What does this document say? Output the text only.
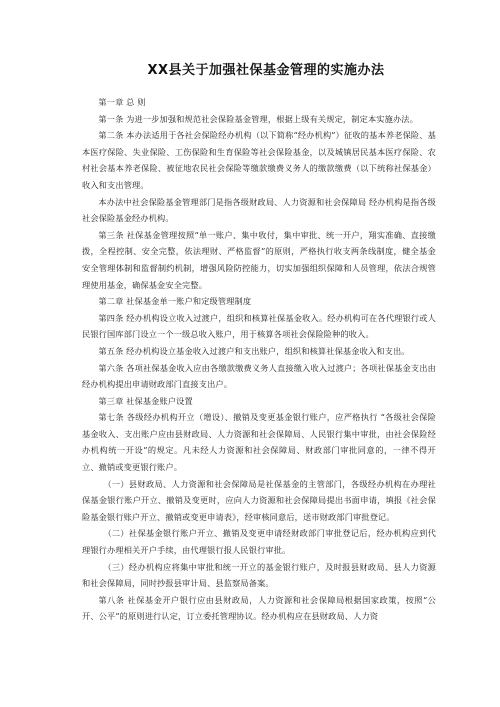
XX县关于加强社保基金管理的实施办法

第一章 总 则

第一条 为进一步加强和规范社会保险基金管理，根据上级有关规定，制定本实施办法。

第二条 本办法适用于各社会保险经办机构（以下简称“经办机构”）征收的基本养老保险、基本医疗保险、失业保险、工伤保险和生育保险等社会保险基金，以及城镇居民基本医疗保险、农村社会基本养老保险、被征地农民社会保险等缴款缴费义务人的缴款缴费（以下统称社保基金）收入和支出管理。

本办法中社会保险基金管理部门是指各级财政局、人力资源和社会保障局 经办机构是指各级社会保险基金经办机构。

第三条 社保基金管理按照“单一账户、集中收付，集中审批、统一开户，翔实准确、直接缴拨，全程控制、安全完整，依法理财、严格监督”的原则，严格执行收支两条线制度，健全基金安全管理体制和监督制约机制，增强风险防控能力，切实加强组织保障和人员管理，依法合规管理使用基金，确保基金安全完整。

第二章 社保基金单一账户和定级管理制度

第四条 经办机构设立收入过渡户，组织和核算社保基金收入。经办机构可在各代理银行或人民银行国库部门设立一个一级总收入账户，用于核算各项社会保险险种的收入。

第五条 经办机构设立基金收入过渡户和支出账户，组织和核算社保基金收入和支出。

第六条 各项社保基金收入应由各缴款缴费义务人直接缴入收入过渡户；各项社保基金支出由经办机构提出申请财政部门直接支出户。

第三章 社保基金账户设置

第七条 各级经办机构开立（增设）、撤销及变更基金银行账户，应严格执行 “各级社会保险基金收入、支出账户应由县财政局、人力资源和社会保障局、人民银行集中审批，由社会保险经办机构统一开设”的规定。凡未经人力资源和社会保障局、财政部门审批同意的，一律不得开立、撤销或变更银行账户。

（一）县财政局、人力资源和社会保障局是社保基金的主管部门，各级经办机构在办理社保基金银行账户开立、撤销及变更时，应向人力资源和社会保障局提出书面申请，填报《社会保险基金银行账户开立、撤销或变更申请表》，经审核同意后，送市财政部门审批登记。

（二）社保基金银行账户开立、撤销及变更申请经财政部门审批登记后，经办机构应到代理银行办理相关开户手续，由代理银行报人民银行审批。

（三）经办机构应将集中审批和统一开立的基金银行账户，及时报县财政局、县人力资源和社会保障局，同时抄报县审计局、县监察局备案。

第八条 社保基金开户银行应由县财政局，人力资源和社会保障局根据国家政策，按照“公开、公平”的原则进行认定，订立委托管理协议。经办机构应在县财政局、人力资
